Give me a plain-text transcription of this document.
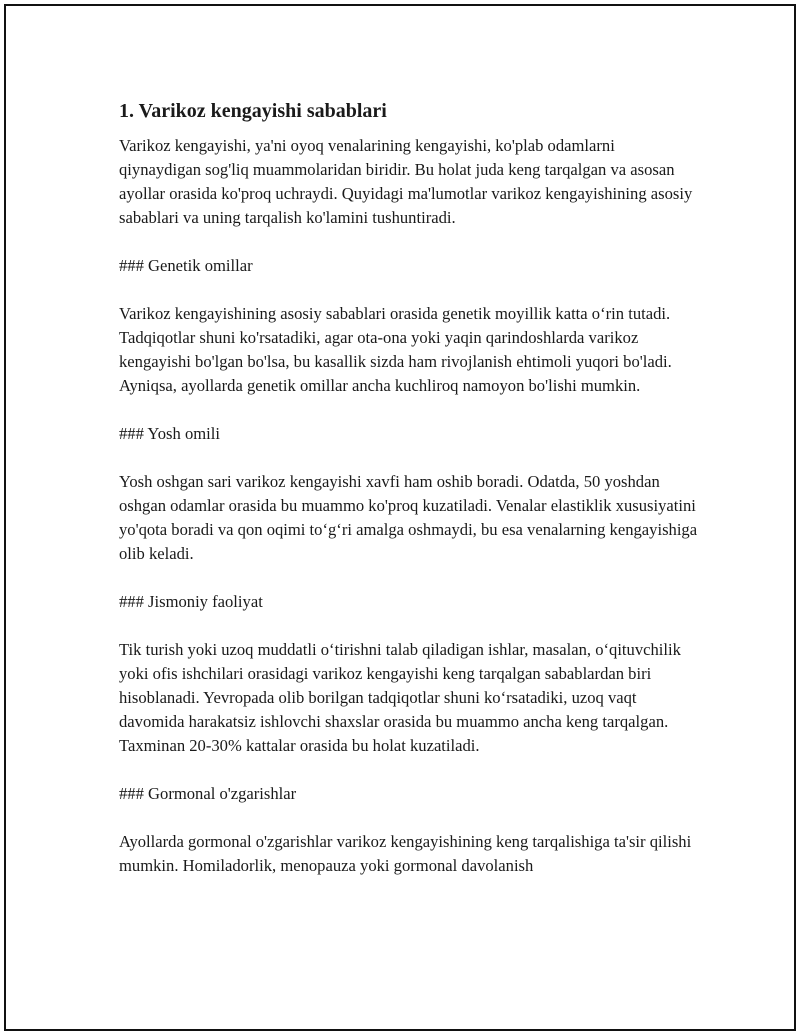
1. Varikoz kengayishi sabablari

Varikoz kengayishi, ya'ni oyoq venalarining kengayishi, ko'plab odamlarni qiynaydigan sog'liq muammolaridan biridir. Bu holat juda keng tarqalgan va asosan ayollar orasida ko'proq uchraydi. Quyidagi ma'lumotlar varikoz kengayishining asosiy sabablari va uning tarqalish ko'lamini tushuntiradi.

### Genetik omillar

Varikoz kengayishining asosiy sabablari orasida genetik moyillik katta o‘rin tutadi. Tadqiqotlar shuni ko'rsatadiki, agar ota-ona yoki yaqin qarindoshlarda varikoz kengayishi bo'lgan bo'lsa, bu kasallik sizda ham rivojlanish ehtimoli yuqori bo'ladi. Ayniqsa, ayollarda genetik omillar ancha kuchliroq namoyon bo'lishi mumkin.

### Yosh omili

Yosh oshgan sari varikoz kengayishi xavfi ham oshib boradi. Odatda, 50 yoshdan oshgan odamlar orasida bu muammo ko'proq kuzatiladi. Venalar elastiklik xususiyatini yo'qota boradi va qon oqimi to‘g‘ri amalga oshmaydi, bu esa venalarning kengayishiga olib keladi.

### Jismoniy faoliyat

Tik turish yoki uzoq muddatli o‘tirishni talab qiladigan ishlar, masalan, o‘qituvchilik yoki ofis ishchilari orasidagi varikoz kengayishi keng tarqalgan sabablardan biri hisoblanadi. Yevropada olib borilgan tadqiqotlar shuni ko‘rsatadiki, uzoq vaqt davomida harakatsiz ishlovchi shaxslar orasida bu muammo ancha keng tarqalgan. Taxminan 20-30% kattalar orasida bu holat kuzatiladi.

### Gormonal o'zgarishlar

Ayollarda gormonal o'zgarishlar varikoz kengayishining keng tarqalishiga ta'sir qilishi mumkin. Homiladorlik, menopauza yoki gormonal davolanish
